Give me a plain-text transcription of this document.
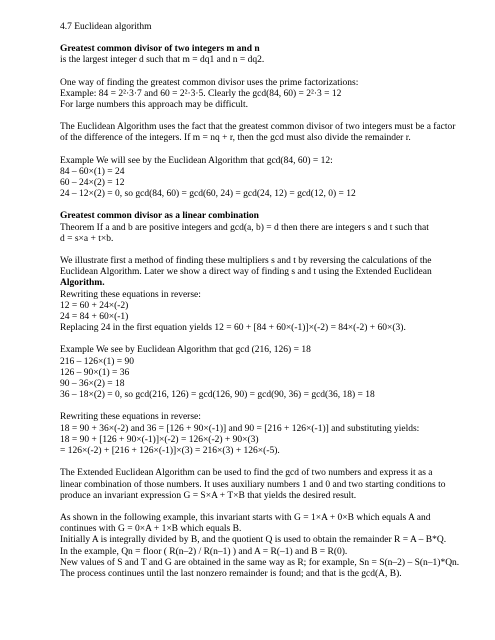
4.7 Euclidean algorithm

Greatest common divisor of two integers m and n

is the largest integer d such that m = dq1 and n = dq2.

One way of finding the greatest common divisor uses the prime factorizations:

Example: 84 = 2²·3·7 and 60 = 2²·3·5. Clearly the gcd(84, 60) = 2²·3 = 12

For large numbers this approach may be difficult.

The Euclidean Algorithm uses the fact that the greatest common divisor of two integers must be a factor

of the difference of the integers. If m = nq + r, then the gcd must also divide the remainder r.

Example We will see by the Euclidean Algorithm that gcd(84, 60) = 12:

84 – 60×(1) = 24

60 – 24×(2) = 12

24 – 12×(2) = 0, so gcd(84, 60) = gcd(60, 24) = gcd(24, 12) = gcd(12, 0) = 12

Greatest common divisor as a linear combination

Theorem If a and b are positive integers and gcd(a, b) = d then there are integers s and t such that

d = s×a + t×b.

We illustrate first a method of finding these multipliers s and t by reversing the calculations of the

Euclidean Algorithm. Later we show a direct way of finding s and t using the Extended Euclidean

Algorithm.

Rewriting these equations in reverse:

12 = 60 + 24×(-2)

24 = 84 + 60×(-1)

Replacing 24 in the first equation yields 12 = 60 + [84 + 60×(-1)]×(-2) = 84×(-2) + 60×(3).

Example We see by Euclidean Algorithm that gcd (216, 126) = 18

216 – 126×(1) = 90

126 – 90×(1) = 36

90 – 36×(2) = 18

36 – 18×(2) = 0, so gcd(216, 126) = gcd(126, 90) = gcd(90, 36) = gcd(36, 18) = 18

Rewriting these equations in reverse:

18 = 90 + 36×(-2) and 36 = [126 + 90×(-1)] and 90 = [216 + 126×(-1)] and substituting yields:

18 = 90 + [126 + 90×(-1)]×(-2) = 126×(-2) + 90×(3)

= 126×(-2) + [216 + 126×(-1)]×(3) = 216×(3) + 126×(-5).

The Extended Euclidean Algorithm can be used to find the gcd of two numbers and express it as a

linear combination of those numbers. It uses auxiliary numbers 1 and 0 and two starting conditions to

produce an invariant expression G = S×A + T×B that yields the desired result.

As shown in the following example, this invariant starts with G = 1×A + 0×B which equals A and

continues with G = 0×A + 1×B which equals B.

Initially A is integrally divided by B, and the quotient Q is used to obtain the remainder R = A – B*Q.

In the example, Qn = floor ( R(n–2) / R(n–1) ) and A = R(–1) and B = R(0).

New values of S and T and G are obtained in the same way as R; for example, Sn = S(n–2) – S(n–1)*Qn.

The process continues until the last nonzero remainder is found; and that is the gcd(A, B).
